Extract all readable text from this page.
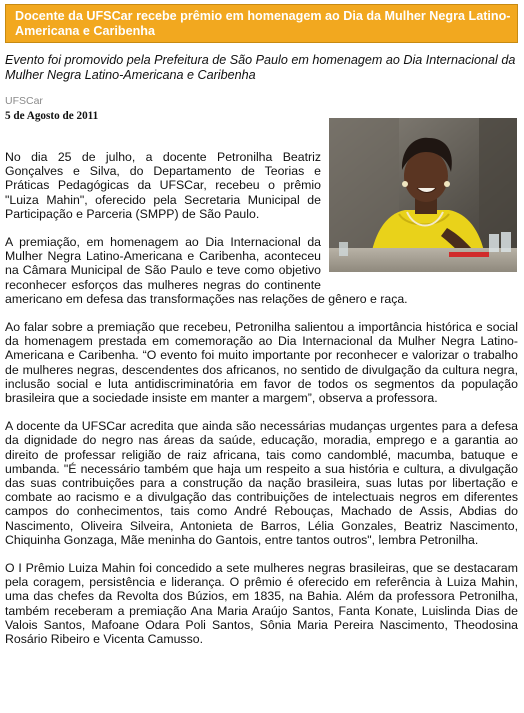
Docente da UFSCar recebe prêmio em homenagem ao Dia da Mulher Negra Latino-Americana e Caribenha

Evento foi promovido pela Prefeitura de São Paulo em homenagem ao Dia Internacional da Mulher Negra Latino-Americana e Caribenha

UFSCar
5 de Agosto de 2011

No dia 25 de julho, a docente Petronilha Beatriz Gonçalves e Silva, do Departamento de Teorias e Práticas Pedagógicas da UFSCar, recebeu o prêmio "Luiza Mahin", oferecido pela Secretaria Municipal de Participação e Parceria (SMPP) de São Paulo.

A premiação, em homenagem ao Dia Internacional da Mulher Negra Latino-Americana e Caribenha, aconteceu na Câmara Municipal de São Paulo e teve como objetivo reconhecer esforços das mulheres negras do continente americano em defesa das transformações nas relações de gênero e raça.

Ao falar sobre a premiação que recebeu, Petronilha salientou a importância histórica e social da homenagem prestada em comemoração ao Dia Internacional da Mulher Negra Latino-Americana e Caribenha. “O evento foi muito importante por reconhecer e valorizar o trabalho de mulheres negras, descendentes dos africanos, no sentido de divulgação da cultura negra, inclusão social e luta antidiscriminatória em favor de todos os segmentos da população brasileira que a sociedade insiste em manter a margem”, observa a professora.

A docente da UFSCar acredita que ainda são necessárias mudanças urgentes para a defesa da dignidade do negro nas áreas da saúde, educação, moradia, emprego e a garantia ao direito de professar religião de raiz africana, tais como candomblé, macumba, batuque e umbanda. "É necessário também que haja um respeito a sua história e cultura, a divulgação das suas contribuições para a construção da nação brasileira, suas lutas por libertação e combate ao racismo e a divulgação das contribuições de intelectuais negros em diferentes campos do conhecimentos, tais como André Rebouças, Machado de Assis, Abdias do Nascimento, Oliveira Silveira, Antonieta de Barros, Lélia Gonzales, Beatriz Nascimento, Chiquinha Gonzaga, Mãe meninha do Gantois, entre tantos outros", lembra Petronilha.

O I Prêmio Luiza Mahin foi concedido a sete mulheres negras brasileiras, que se destacaram pela coragem, persistência e liderança. O prêmio é oferecido em referência à Luiza Mahin, uma das chefes da Revolta dos Búzios, em 1835, na Bahia. Além da professora Petronilha, também receberam a premiação Ana Maria Araújo Santos, Fanta Konate, Luislinda Dias de Valois Santos, Mafoane Odara Poli Santos, Sônia Maria Pereira Nascimento, Theodosina Rosário Ribeiro e Vicenta Camusso.
